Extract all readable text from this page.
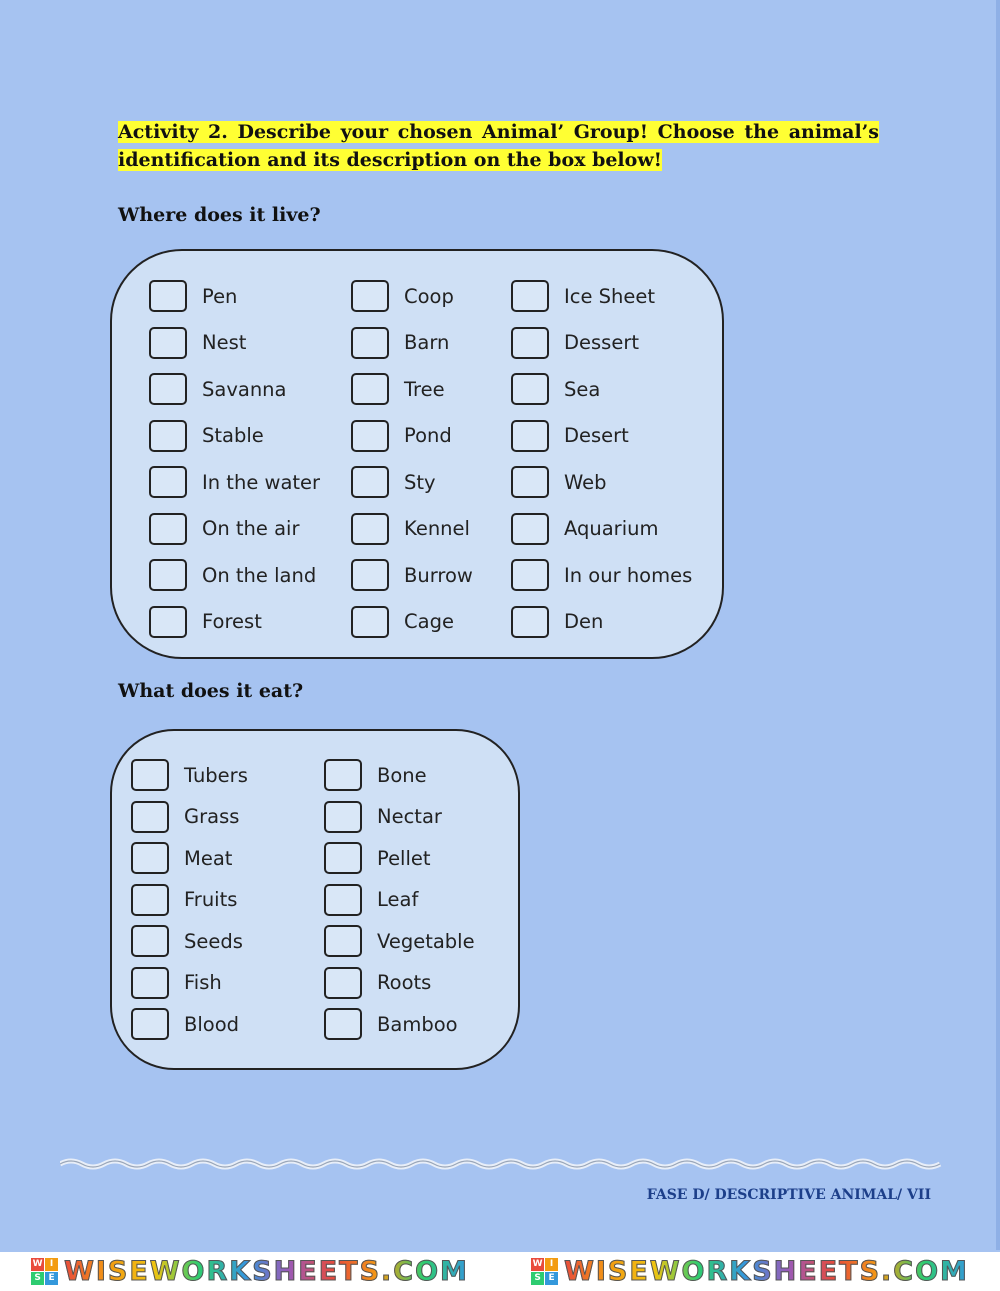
Activity 2. Describe your chosen Animal’ Group! Choose the animal’s identification and its description on the box below!

Where does it live?
Pen
Nest
Savanna
Stable
In the water
On the air
On the land
Forest
Coop
Barn
Tree
Pond
Sty
Kennel
Burrow
Cage
Ice Sheet
Dessert
Sea
Desert
Web
Aquarium
In our homes
Den
What does it eat?
Tubers
Grass
Meat
Fruits
Seeds
Fish
Blood
Bone
Nectar
Pellet
Leaf
Vegetable
Roots
Bamboo
FASE D/ DESCRIPTIVE ANIMAL/ VII
W I
S E WISEWORKSHEETS.COM	W I
S E WISEWORKSHEETS.COM
